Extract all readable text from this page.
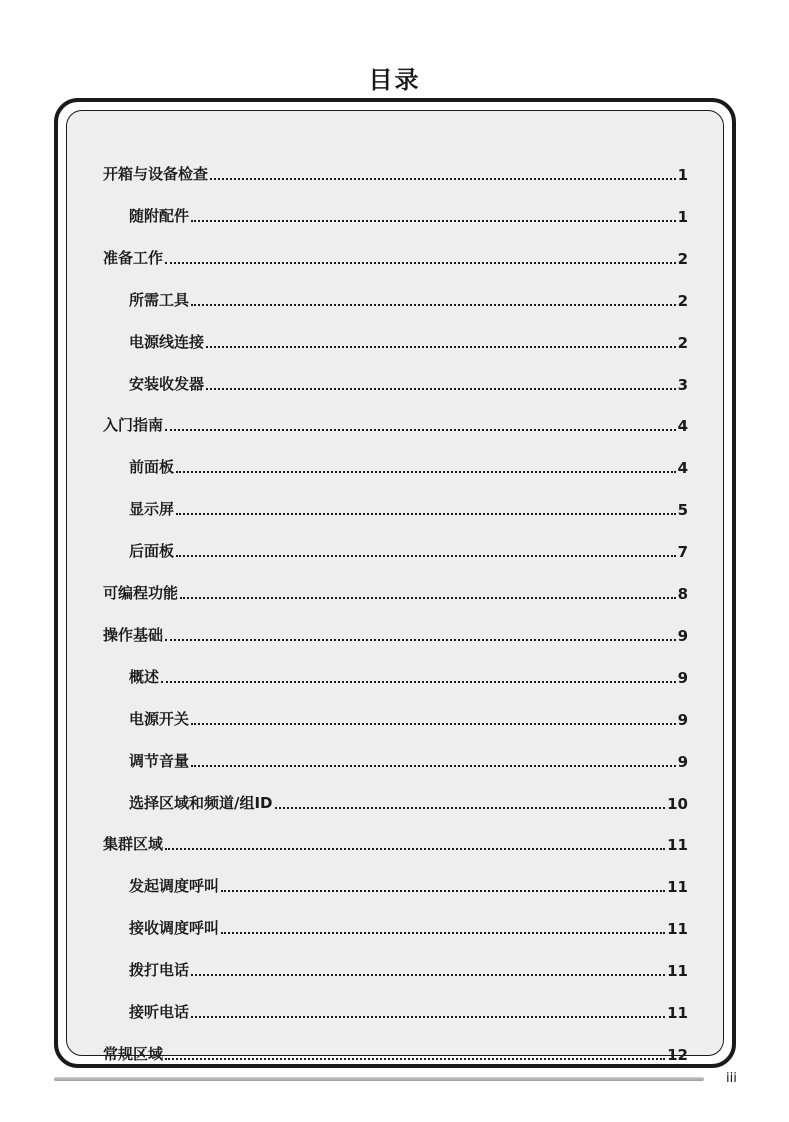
目录
开箱与设备检查	1
随附配件	1
准备工作	2
所需工具	2
电源线连接	2
安装收发器	3
入门指南	4
前面板	4
显示屏	5
后面板	7
可编程功能	8
操作基础	9
概述	9
电源开关	9
调节音量	9
选择区域和频道/组ID	10
集群区域	11
发起调度呼叫	11
接收调度呼叫	11
拨打电话	11
接听电话	11
常规区域	12
iii
